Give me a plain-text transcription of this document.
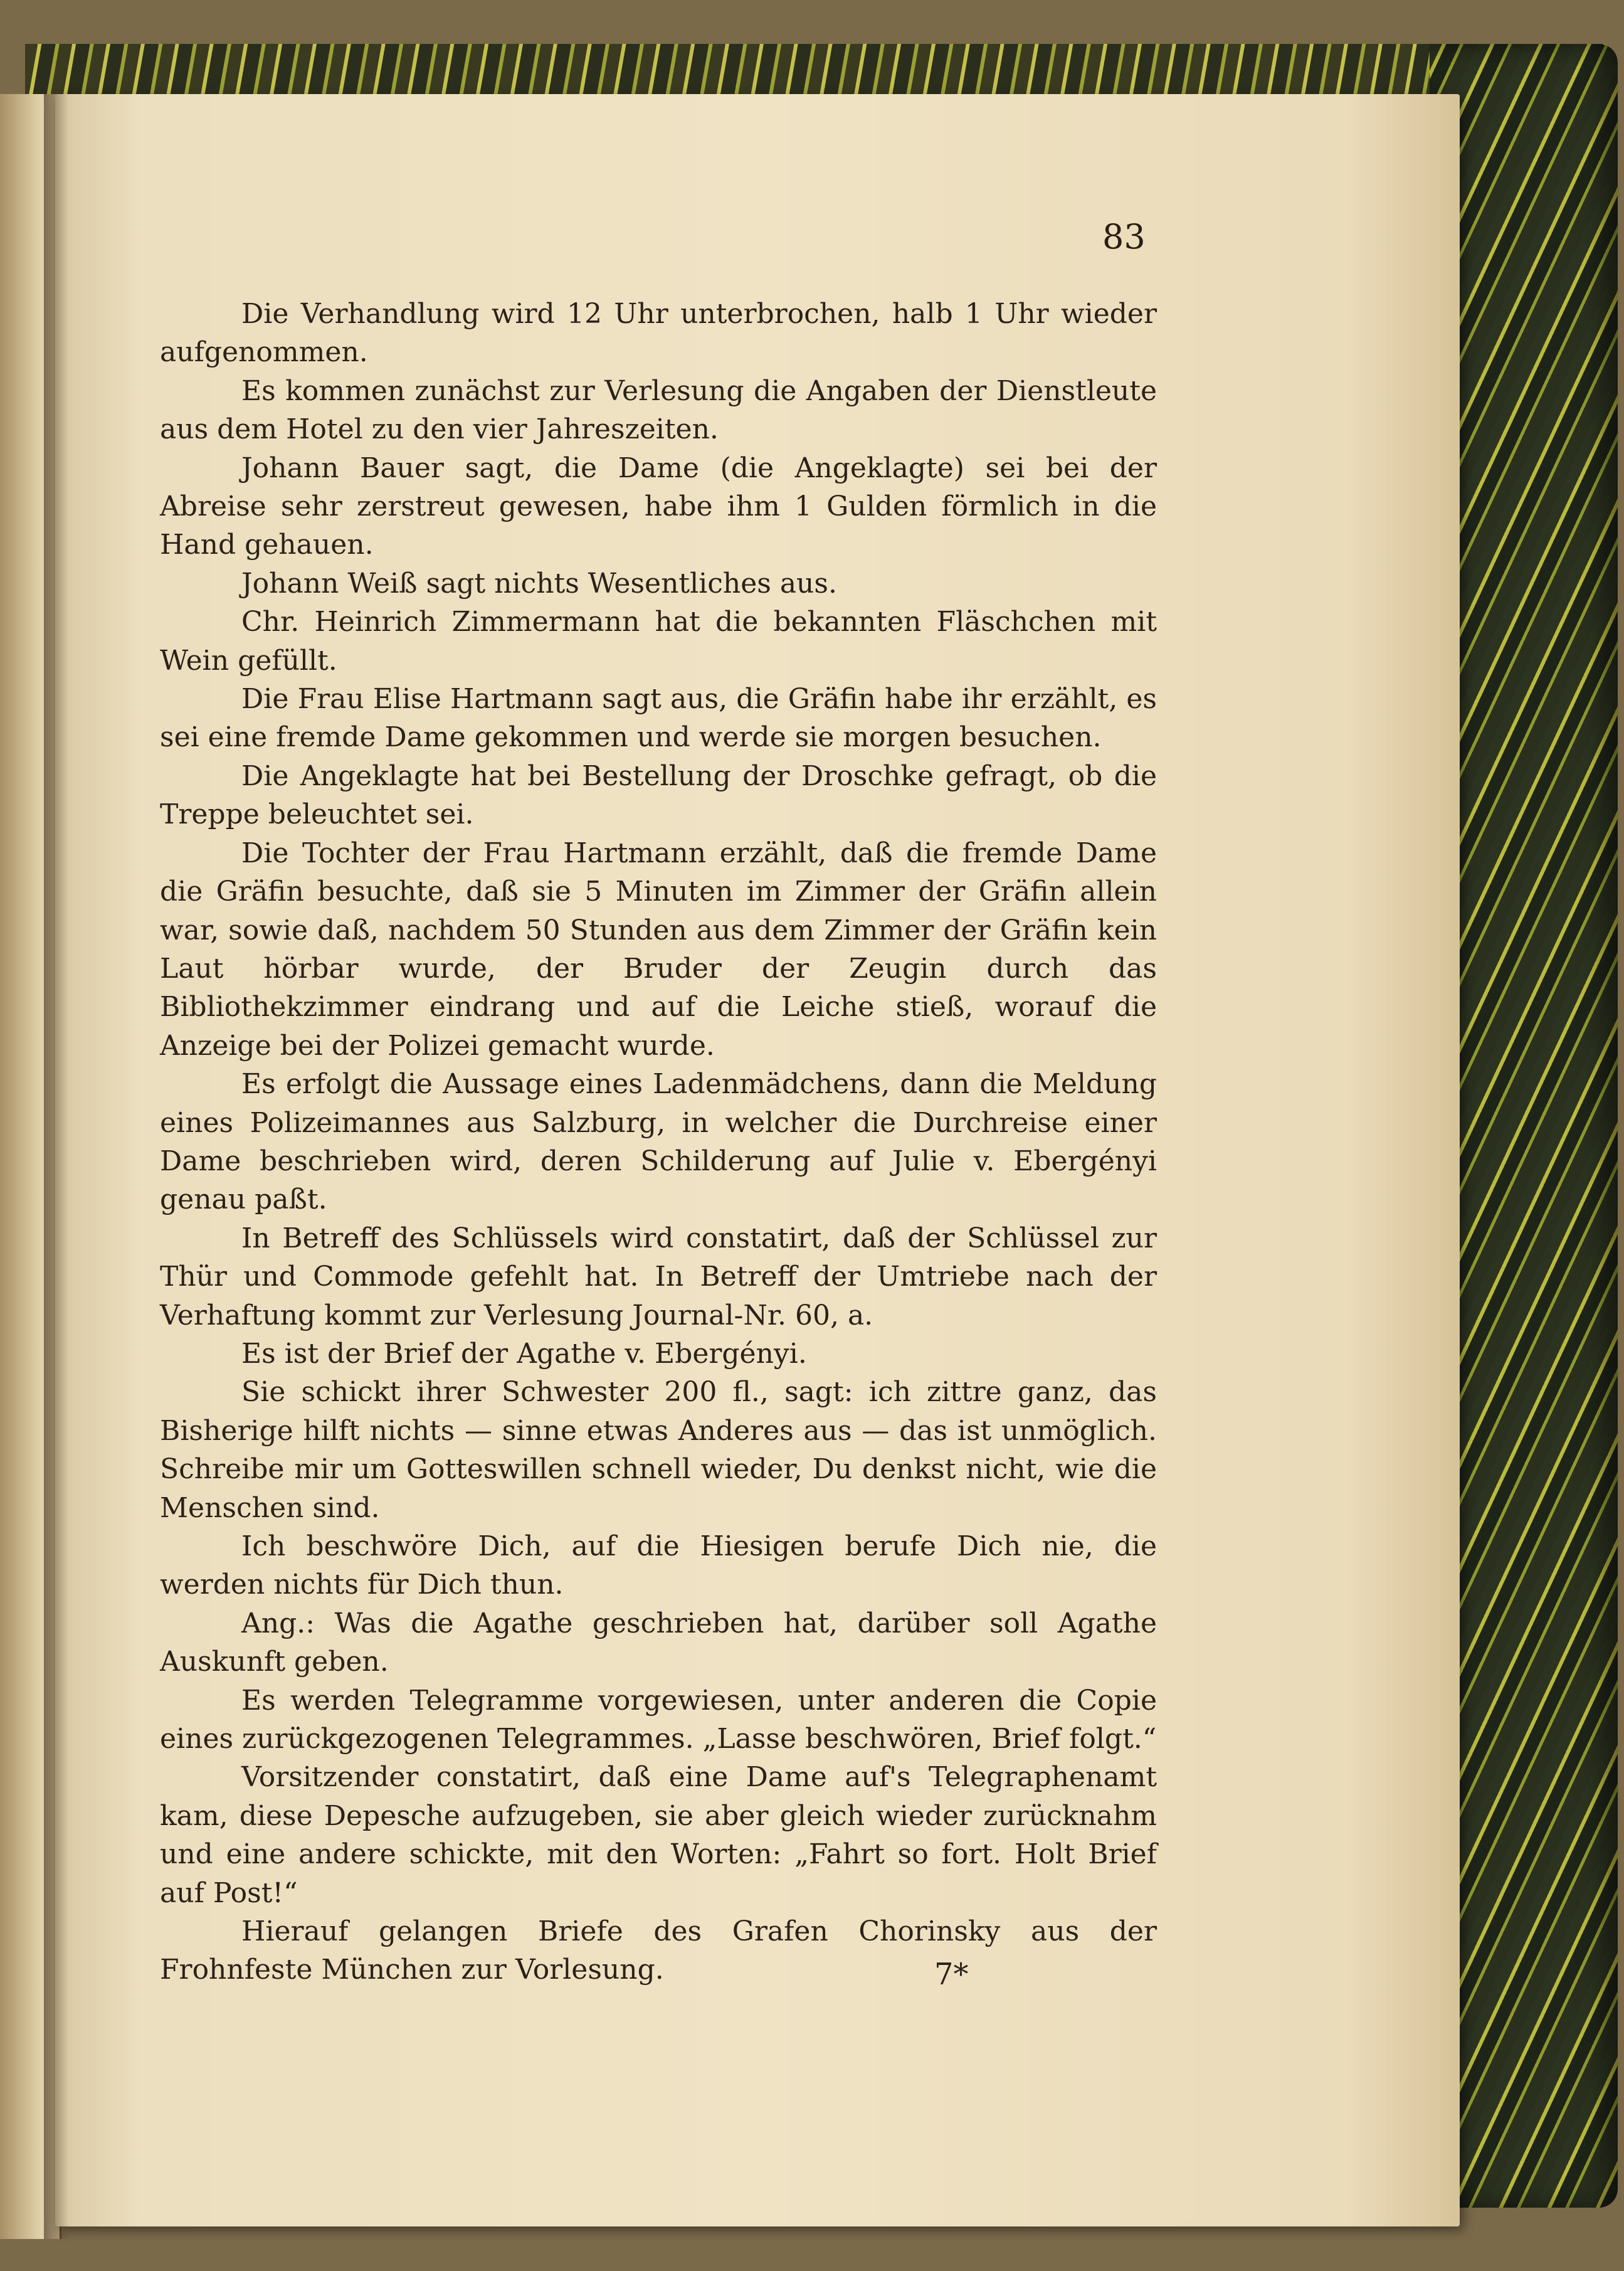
83

Die Verhandlung wird 12 Uhr unterbrochen, halb 1 Uhr wieder aufgenommen.

Es kommen zunächst zur Verlesung die Angaben der Dienstleute aus dem Hotel zu den vier Jahreszeiten.

Johann Bauer sagt, die Dame (die Angeklagte) sei bei der Abreise sehr zerstreut gewesen, habe ihm 1 Gulden förmlich in die Hand gehauen.

Johann Weiß sagt nichts Wesentliches aus.

Chr. Heinrich Zimmermann hat die bekannten Fläschchen mit Wein gefüllt.

Die Frau Elise Hartmann sagt aus, die Gräfin habe ihr erzählt, es sei eine fremde Dame gekommen und werde sie morgen besuchen.

Die Angeklagte hat bei Bestellung der Droschke gefragt, ob die Treppe beleuchtet sei.

Die Tochter der Frau Hartmann erzählt, daß die fremde Dame die Gräfin besuchte, daß sie 5 Minuten im Zimmer der Gräfin allein war, sowie daß, nachdem 50 Stunden aus dem Zimmer der Gräfin kein Laut hörbar wurde, der Bruder der Zeugin durch das Bibliothekzimmer eindrang und auf die Leiche stieß, worauf die Anzeige bei der Polizei gemacht wurde.

Es erfolgt die Aussage eines Ladenmädchens, dann die Meldung eines Polizeimannes aus Salzburg, in welcher die Durchreise einer Dame beschrieben wird, deren Schilderung auf Julie v. Ebergényi genau paßt.

In Betreff des Schlüssels wird constatirt, daß der Schlüssel zur Thür und Commode gefehlt hat. In Betreff der Umtriebe nach der Verhaftung kommt zur Verlesung Journal-Nr. 60, a.

Es ist der Brief der Agathe v. Ebergényi.

Sie schickt ihrer Schwester 200 fl., sagt: ich zittre ganz, das Bisherige hilft nichts — sinne etwas Anderes aus — das ist unmöglich. Schreibe mir um Gotteswillen schnell wieder, Du denkst nicht, wie die Menschen sind.

Ich beschwöre Dich, auf die Hiesigen berufe Dich nie, die werden nichts für Dich thun.

Ang.: Was die Agathe geschrieben hat, darüber soll Agathe Auskunft geben.

Es werden Telegramme vorgewiesen, unter anderen die Copie eines zurückgezogenen Telegrammes. „Lasse beschwören, Brief folgt.“

Vorsitzender constatirt, daß eine Dame auf's Telegraphenamt kam, diese Depesche aufzugeben, sie aber gleich wieder zurücknahm und eine andere schickte, mit den Worten: „Fahrt so fort. Holt Brief auf Post!“

Hierauf gelangen Briefe des Grafen Chorinsky aus der Frohnfeste München zur Vorlesung.	7*
